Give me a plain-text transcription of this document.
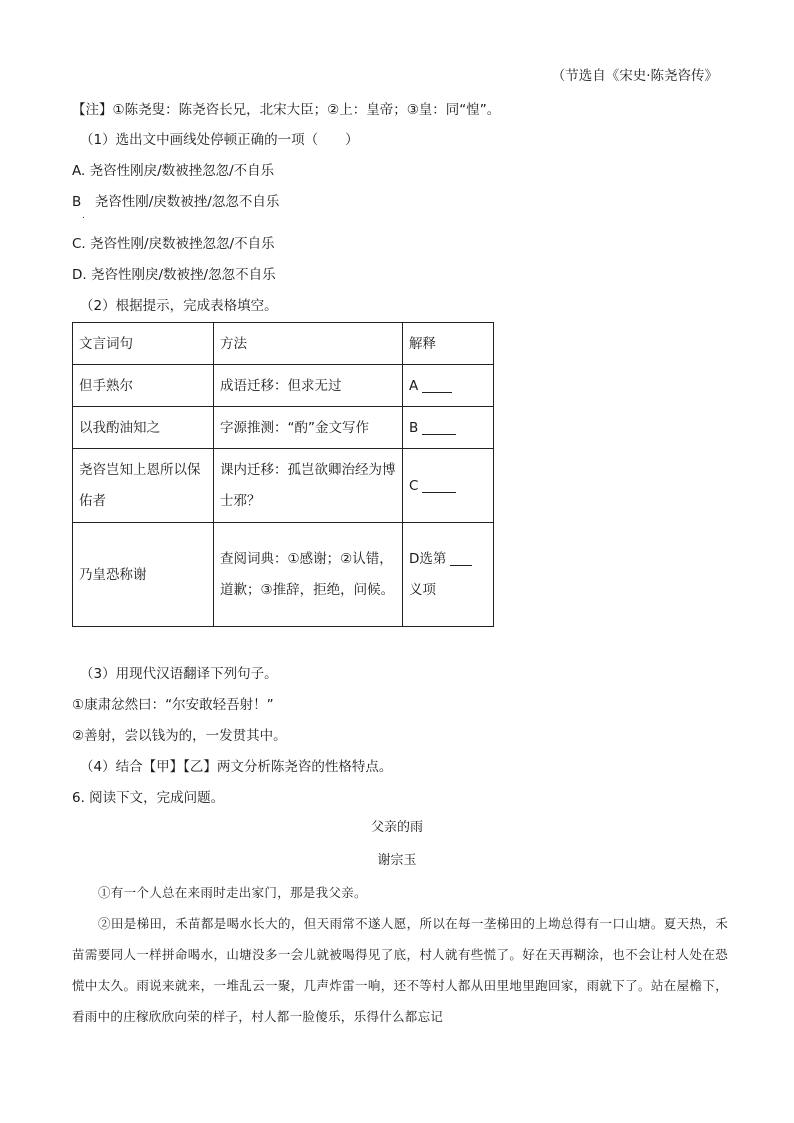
（节选自《宋史·陈尧咨传》
【注】①陈尧叟：陈尧咨长兄，北宋大臣；②上：皇帝；③皇：同“惶”。
（1）选出文中画线处停顿正确的一项（　　）
A. 尧咨性刚戾/数被挫忽忽/不自乐
B　尧咨性刚/戾数被挫/忽忽不自乐
.
C. 尧咨性刚/戾数被挫忽忽/不自乐
D. 尧咨性刚戾/数被挫/忽忽不自乐
（2）根据提示，完成表格填空。
文言词句	方法	解释
但手熟尔	成语迁移：但求无过	A
以我酌油知之	字源推测：“酌”金文写作	B
尧咨岂知上恩所以保佑者	课内迁移：孤岂欲卿治经为博士邪？	C
乃皇恐称谢	查阅词典：①感谢；②认错，道歉；③推辞，拒绝，问候。	D选第
义项
（3）用现代汉语翻译下列句子。
①康肃忿然曰：“尔安敢轻吾射！”
②善射，尝以钱为的，一发贯其中。
（4）结合【甲】【乙】两文分析陈尧咨的性格特点。
6. 阅读下文，完成问题。
父亲的雨
谢宗玉
①有一个人总在来雨时走出家门，那是我父亲。
②田是梯田，禾苗都是喝水长大的，但天雨常不遂人愿，所以在每一垄梯田的上坳总得有一口山塘。夏天热，禾苗需要同人一样拼命喝水，山塘没多一会儿就被喝得见了底，村人就有些慌了。好在天再糊涂，也不会让村人处在恐慌中太久。雨说来就来，一堆乱云一聚，几声炸雷一响，还不等村人都从田里地里跑回家，雨就下了。站在屋檐下，看雨中的庄稼欣欣向荣的样子，村人都一脸傻乐，乐得什么都忘记
